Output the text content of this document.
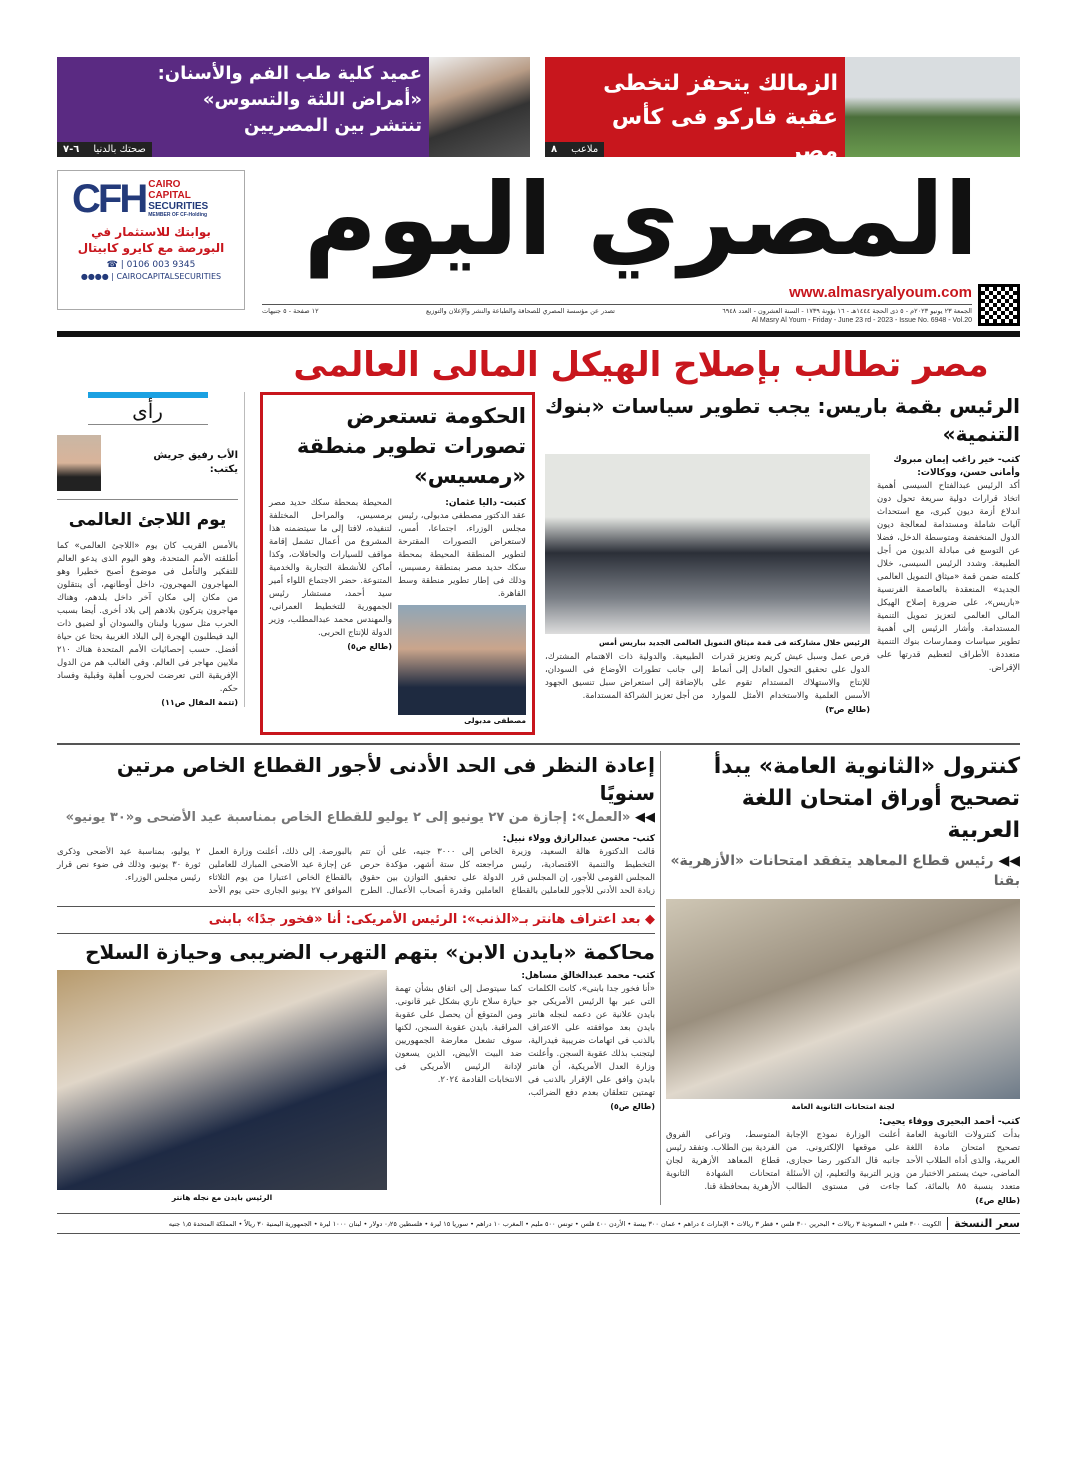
الزمالك يتحفز لتخطى عقبة فاركو فى كأس مصر
ملاعب
٨
عميد كلية طب الفم والأسنان: «أمراض اللثة والتسوس» تنتشر بين المصريين
صحتك بالدنيا
٦-٧
CFH CAIRO
CAPITAL
SECURITIES
MEMBER OF CF-Holding
بوابتك للاستثمار في البورصة مع كايرو كابيتال
☎ | 0106 003 9345
●●●● | CAIROCAPITALSECURITIES المصري اليوم
www.almasryalyoum.com
الجمعة ٢٣ يونيو ٢٠٢٣م - ٥ ذى الحجة ١٤٤٤هـ - ١٦ بؤونة ١٧٣٩ - السنة العشرون - العدد ٦٩٤٨
تصدر عن مؤسسة المصري للصحافة والطباعة والنشر والإعلان والتوزيع
١٢ صفحة - ٥ جنيهات
Al Masry Al Youm - Friday - June 23 rd - 2023 - Issue No. 6948 - Vol.20
مصر تطالب بإصلاح الهيكل المالى العالمى
رأى
الأب رفيق جريش
يكتب:
يوم اللاجئ العالمى
بالأمس القريب كان يوم «اللاجئ العالمى» كما أطلقته الأمم المتحدة، وهو اليوم الذى يدعو العالم للتفكير والتأمل فى موضوع أصبح خطيرا وهو المهاجرون المهجرون، داخل أوطانهم، أى ينتقلون من مكان إلى مكان آخر داخل بلدهم، وهناك مهاجرون يتركون بلادهم إلى بلاد أخرى. أيضا بسبب الحرب مثل سوريا ولبنان والسودان أو لضيق ذات اليد فيطلبون الهجرة إلى البلاد الغربية بحثا عن حياة أفضل. حسب إحصائيات الأمم المتحدة هناك ٢١٠ ملايين مهاجر فى العالم. وفى الغالب هم من الدول الإفريقية التى تعرضت لحروب أهلية وقبلية وفساد حكم.
(تتمة المقال ص١١)
الحكومة تستعرض تصورات تطوير منطقة «رمسيس»
كتبت- داليا عثمان:
عقد الدكتور مصطفى مدبولى، رئيس مجلس الوزراء، اجتماعا، أمس، لاستعراض التصورات المقترحة لتطوير المنطقة المحيطة بمحطة سكك حديد مصر بمنطقة رمسيس، وذلك فى إطار تطوير منطقة وسط القاهرة.
مصطفى مدبولى
المحيطة بمحطة سكك حديد مصر برمسيس، والمراحل المختلفة لتنفيذه، لافتا إلى ما سيتضمنه هذا المشروع من أعمال تشمل إقامة مواقف للسيارات والحافلات، وكذا أماكن للأنشطة التجارية والخدمية المتنوعة. حضر الاجتماع اللواء أمير سيد أحمد، مستشار رئيس الجمهورية للتخطيط العمرانى، والمهندس محمد عبدالمطلب، وزير الدولة للإنتاج الحربى.
(طالع ص٥)
الرئيس بقمة باريس: يجب تطوير سياسات «بنوك التنمية»
الرئيس خلال مشاركته فى قمة ميثاق التمويل العالمى الجديد بباريس أمس
فرص عمل وسبل عيش كريم وتعزيز قدرات الدول على تحقيق التحول العادل إلى أنماط للإنتاج والاستهلاك المستدام تقوم على الأسس العلمية والاستخدام الأمثل للموارد الطبيعية. والدولية ذات الاهتمام المشترك، إلى جانب تطورات الأوضاع فى السودان، بالإضافة إلى استعراض سبل تنسيق الجهود من أجل تعزيز الشراكة المستدامة.
(طالع ص٣)
كتب- خير راغب إيمان مبروك وأمانى حسن، ووكالات:
أكد الرئيس عبدالفتاح السيسى أهمية اتخاذ قرارات دولية سريعة تحول دون اندلاع أزمة ديون كبرى، مع استحداث آليات شاملة ومستدامة لمعالجة ديون الدول المنخفضة ومتوسطة الدخل، فضلا عن التوسع فى مبادلة الديون من أجل الطبيعة. وشدد الرئيس السيسى، خلال كلمته ضمن قمة «ميثاق التمويل العالمى الجديد» المنعقدة بالعاصمة الفرنسية «باريس»، على ضرورة إصلاح الهيكل المالى العالمى لتعزيز تمويل التنمية المستدامة. وأشار الرئيس إلى أهمية تطوير سياسات وممارسات بنوك التنمية متعددة الأطراف لتعظيم قدرتها على الإقراض.
إعادة النظر فى الحد الأدنى لأجور القطاع الخاص مرتين سنويًا
◀◀ «العمل»: إجازة من ٢٧ يونيو إلى ٢ يوليو للقطاع الخاص بمناسبة عيد الأضحى و«٣٠ يونيو»
كتب- محسن عبدالرازق وولاء نبيل:
قالت الدكتورة هالة السعيد، وزيرة التخطيط والتنمية الاقتصادية، رئيس المجلس القومى للأجور، إن المجلس قرر زيادة الحد الأدنى للأجور للعاملين بالقطاع الخاص إلى ٣٠٠٠ جنيه، على أن تتم مراجعته كل ستة أشهر، مؤكدة حرص الدولة على تحقيق التوازن بين حقوق العاملين وقدرة أصحاب الأعمال. الطرح بالبورصة. إلى ذلك، أعلنت وزارة العمل عن إجازة عيد الأضحى المبارك للعاملين بالقطاع الخاص اعتبارا من يوم الثلاثاء الموافق ٢٧ يونيو الجارى حتى يوم الأحد ٢ يوليو، بمناسبة عيد الأضحى وذكرى ثورة ٣٠ يونيو، وذلك فى ضوء نص قرار رئيس مجلس الوزراء.
◆ بعد اعتراف هانتر بـ«الذنب»: الرئيس الأمريكى: أنا «فخور جدًا» بابنى
محاكمة «بايدن الابن» بتهم التهرب الضريبى وحيازة السلاح
الرئيس بايدن مع نجله هانتر
كتب- محمد عبدالخالق مساهل:
«أنا فخور جدا بابنى»، كانت الكلمات التى عبر بها الرئيس الأمريكى جو بايدن علانية عن دعمه لنجله هانتر بايدن بعد موافقته على الاعتراف بالذنب فى اتهامات ضريبية فيدرالية، ليتجنب بذلك عقوبة السجن. وأعلنت وزارة العدل الأمريكية، أن هانتر بايدن وافق على الإقرار بالذنب فى تهمتين تتعلقان بعدم دفع الضرائب، كما سيتوصل إلى اتفاق بشأن تهمة حيازة سلاح ناري بشكل غير قانونى. ومن المتوقع أن يحصل على عقوبة المراقبة. بايدن عقوبة السجن، لكنها سوف تشعل معارضة الجمهوريين ضد البيت الأبيض، الذين يسعون لإدانة الرئيس الأمريكى فى الانتخابات القادمة ٢٠٢٤.
(طالع ص٥)
كنترول «الثانوية العامة» يبدأ تصحيح أوراق امتحان اللغة العربية
◀◀ رئيس قطاع المعاهد يتفقد امتحانات «الأزهرية» بقنا
لجنة امتحانات الثانوية العامة
كتب- أحمد البحيرى ووفاء يحيى:
بدأت كنترولات الثانوية العامة تصحيح امتحان مادة اللغة العربية، والذى أداه الطلاب الأحد الماضى، حيث يستمر الاختبار من متعدد بنسبة ٨٥ بالمائة، كما أعلنت الوزارة نموذج الإجابة على موقعها الإلكترونى. من جانبه قال الدكتور رضا حجازى، وزير التربية والتعليم، إن الأسئلة جاءت فى مستوى الطالب المتوسط، وتراعى الفروق الفردية بين الطلاب. وتفقد رئيس قطاع المعاهد الأزهرية لجان امتحانات الشهادة الثانوية الأزهرية بمحافظة قنا.
(طالع ص٤)
سعر النسخة
الكويت ٣٠٠ فلس • السعودية ٣ ريالات • البحرين ٣٠٠ فلس • قطر ٣ ريالات • الإمارات ٤ دراهم • عمان ٣٠٠ بيسة • الأردن ٤٠٠ فلس • تونس ٥٠٠ مليم • المغرب ١٠ دراهم • سوريا ١٥ ليرة • فلسطين ٠٫٢٥ دولار • لبنان ١٠٠٠ ليرة • الجمهورية اليمنية ٣٠ ريالاً • المملكة المتحدة ١٫٥ جنيه
